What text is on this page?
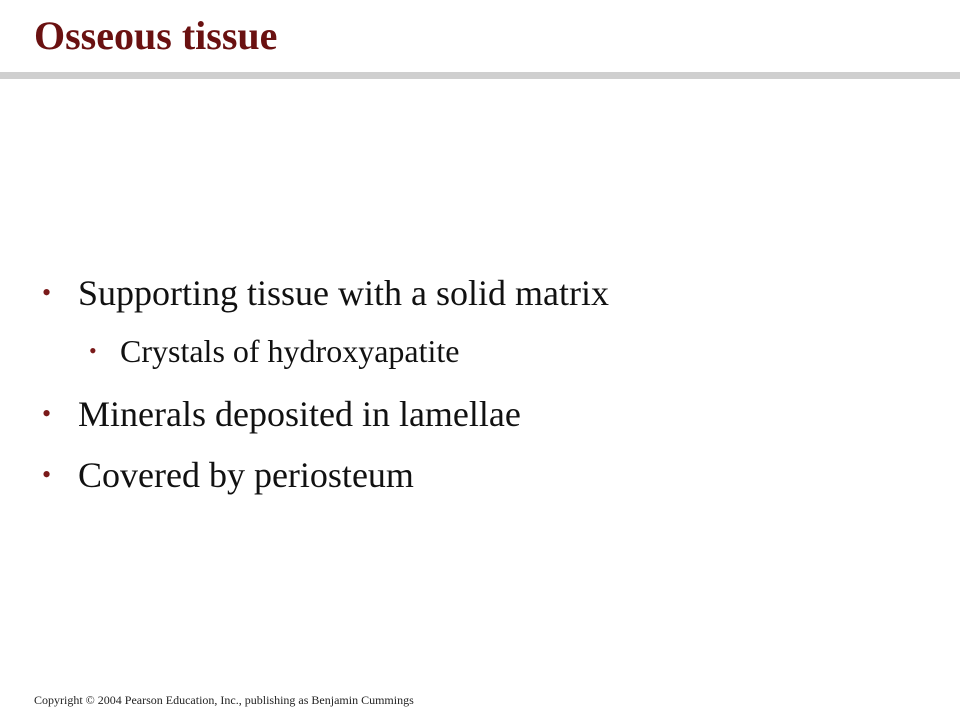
Osseous tissue
• Supporting tissue with a solid matrix
• Crystals of hydroxyapatite
• Minerals deposited in lamellae
• Covered by periosteum
Copyright © 2004 Pearson Education, Inc., publishing as Benjamin Cummings
